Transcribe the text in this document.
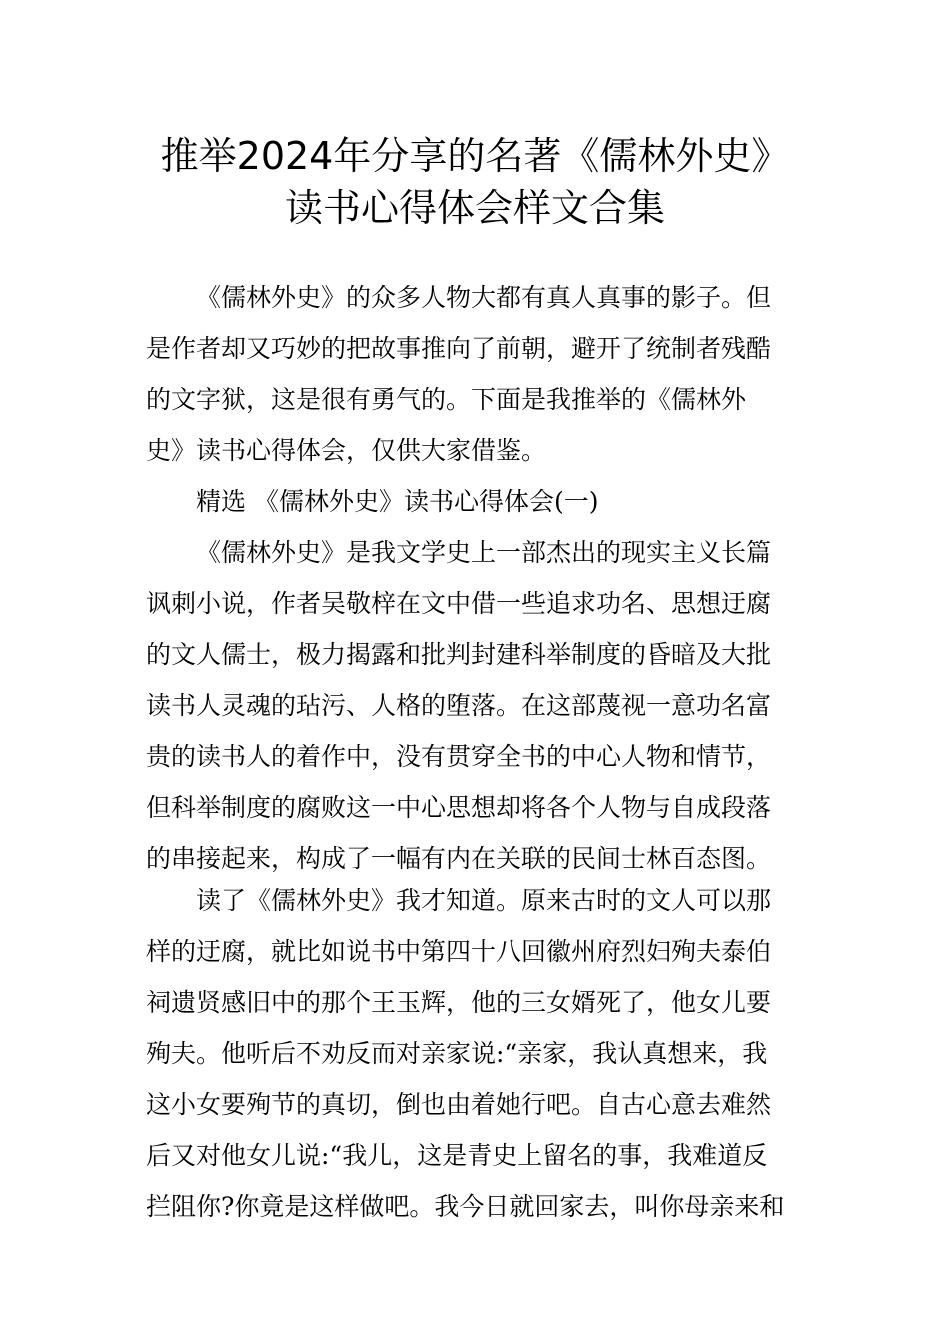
推举2024年分享的名著《儒林外史》
读书心得体会样文合集
《儒林外史》的众多人物大都有真人真事的影子。但
是作者却又巧妙的把故事推向了前朝，避开了统制者残酷
的文字狱，这是很有勇气的。下面是我推举的《儒林外
史》读书心得体会，仅供大家借鉴。
精选 《儒林外史》读书心得体会(一)
《儒林外史》是我文学史上一部杰出的现实主义长篇
讽刺小说，作者吴敬梓在文中借一些追求功名、思想迂腐
的文人儒士，极力揭露和批判封建科举制度的昏暗及大批
读书人灵魂的玷污、人格的堕落。在这部蔑视一意功名富
贵的读书人的着作中，没有贯穿全书的中心人物和情节，
但科举制度的腐败这一中心思想却将各个人物与自成段落
的串接起来，构成了一幅有内在关联的民间士林百态图。
读了《儒林外史》我才知道。原来古时的文人可以那
样的迂腐，就比如说书中第四十八回徽州府烈妇殉夫泰伯
祠遗贤感旧中的那个王玉辉，他的三女婿死了，他女儿要
殉夫。他听后不劝反而对亲家说:“亲家，我认真想来，我
这小女要殉节的真切，倒也由着她行吧。自古心意去难然
后又对他女儿说:“我儿，这是青史上留名的事，我难道反
拦阻你?你竟是这样做吧。我今日就回家去，叫你母亲来和
